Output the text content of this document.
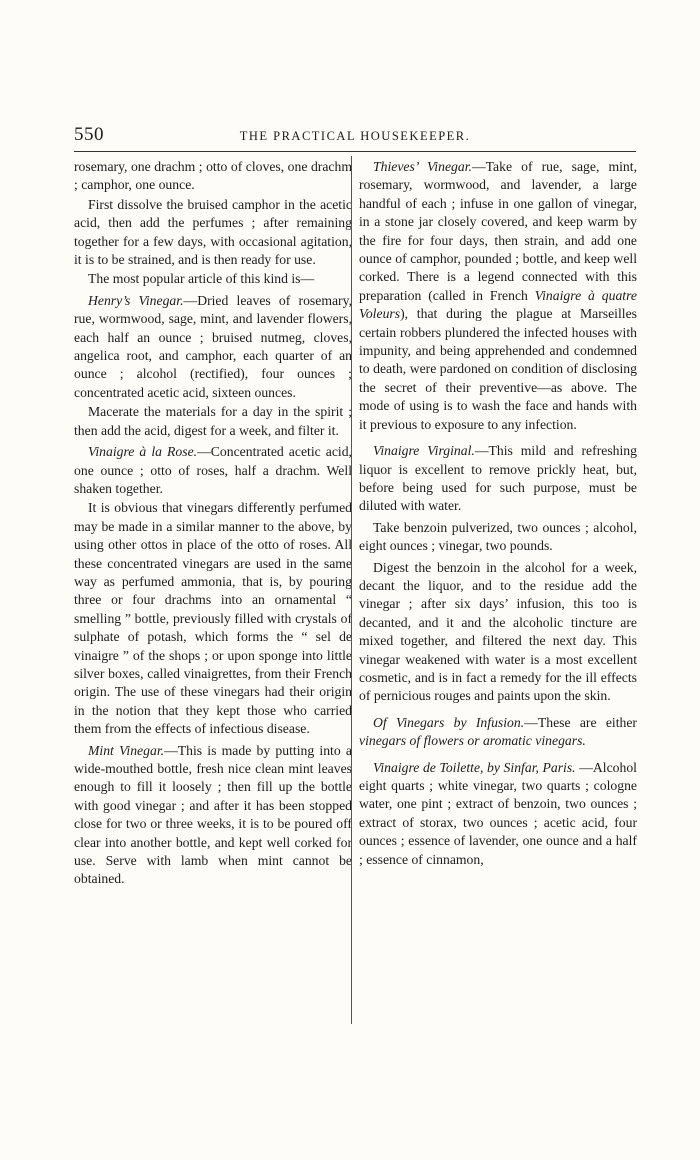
550	THE PRACTICAL HOUSEKEEPER.

rosemary, one drachm ; otto of cloves, one drachm ; camphor, one ounce.

First dissolve the bruised camphor in the acetic acid, then add the perfumes ; after remaining together for a few days, with occasional agitation, it is to be strained, and is then ready for use.

The most popular article of this kind is—

Henry’s Vinegar.—Dried leaves of rosemary, rue, wormwood, sage, mint, and lavender flowers, each half an ounce ; bruised nutmeg, cloves, angelica root, and camphor, each quarter of an ounce ; alcohol (rectified), four ounces ; concentrated acetic acid, sixteen ounces.

Macerate the materials for a day in the spirit ; then add the acid, digest for a week, and filter it.

Vinaigre à la Rose.—Concentrated acetic acid, one ounce ; otto of roses, half a drachm. Well shaken together.

It is obvious that vinegars differently perfumed may be made in a similar manner to the above, by using other ottos in place of the otto of roses. All these concentrated vinegars are used in the same way as perfumed ammonia, that is, by pouring three or four drachms into an ornamental “ smelling ” bottle, previously filled with crystals of sulphate of potash, which forms the “ sel de vinaigre ” of the shops ; or upon sponge into little silver boxes, called vinaigrettes, from their French origin. The use of these vinegars had their origin in the notion that they kept those who carried them from the effects of infectious disease.

Mint Vinegar.—This is made by putting into a wide-mouthed bottle, fresh nice clean mint leaves enough to fill it loosely ; then fill up the bottle with good vinegar ; and after it has been stopped close for two or three weeks, it is to be poured off clear into another bottle, and kept well corked for use. Serve with lamb when mint cannot be obtained.

Thieves’ Vinegar.—Take of rue, sage, mint, rosemary, wormwood, and lavender, a large handful of each ; infuse in one gallon of vinegar, in a stone jar closely covered, and keep warm by the fire for four days, then strain, and add one ounce of camphor, pounded ; bottle, and keep well corked. There is a legend connected with this preparation (called in French Vinaigre à quatre Voleurs), that during the plague at Marseilles certain robbers plundered the infected houses with impunity, and being apprehended and condemned to death, were pardoned on condition of disclosing the secret of their preventive—as above. The mode of using is to wash the face and hands with it previous to exposure to any infection.

Vinaigre Virginal.—This mild and refreshing liquor is excellent to remove prickly heat, but, before being used for such purpose, must be diluted with water.

Take benzoin pulverized, two ounces ; alcohol, eight ounces ; vinegar, two pounds.

Digest the benzoin in the alcohol for a week, decant the liquor, and to the residue add the vinegar ; after six days’ infusion, this too is decanted, and it and the alcoholic tincture are mixed together, and filtered the next day. This vinegar weakened with water is a most excellent cosmetic, and is in fact a remedy for the ill effects of pernicious rouges and paints upon the skin.

Of Vinegars by Infusion.—These are either vinegars of flowers or aromatic vinegars.

Vinaigre de Toilette, by Sinfar, Paris. —Alcohol eight quarts ; white vinegar, two quarts ; cologne water, one pint ; extract of benzoin, two ounces ; extract of storax, two ounces ; acetic acid, four ounces ; essence of lavender, one ounce and a half ; essence of cinnamon,
